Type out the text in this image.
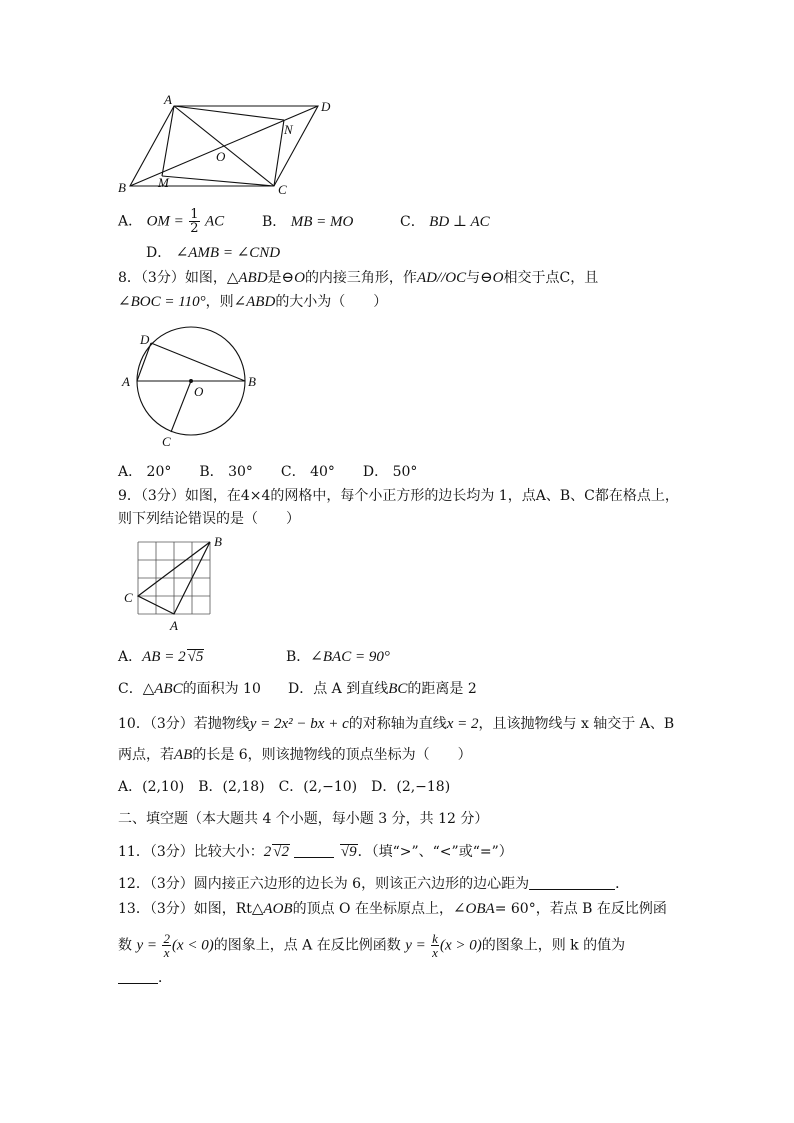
A	D
N
O
B M	C
A． OM = $\frac{1}{2}$ AC	B． MB = MO	C． BD ⊥ AC
D． ∠AMB = ∠CND
8．（3分）如图，△ABD是⊖O的内接三角形，作AD//OC与⊖O相交于点C，且
∠BOC = 110°，则∠ABD的大小为（　　）
D
A
O
B
C
A． 20°　　B． 30°　　C． 40°　　D． 50°
9．（3分）如图，在4×4的网格中，每个小正方形的边长均为 1，点A、B、C都在格点上，
则下列结论错误的是（　　）
B
C
A
A．AB = 2 √5	B．∠BAC = 90°
C．△ABC的面积为 10 D．点 A 到直线BC的距离是 2
10．（3分）若抛物线y = 2x² − bx + c的对称轴为直线x = 2，且该抛物线与 x 轴交于 A、B
两点，若AB的长是 6，则该抛物线的顶点坐标为（　　）
A．(2,10)　B．(2,18)　C．(2,−10)　D．(2,−18)
二、填空题（本大题共 4 个小题，每小题 3 分，共 12 分）
11．（3分）比较大小：2 √2	√9．（填“>”、“<”或“=”）
12．（3分）圆内接正六边形的边长为 6，则该正六边形的边心距为	．
13．（3分）如图，Rt△AOB的顶点 O 在坐标原点上，∠OBA= 60°，若点 B 在反比例函
数 $y = \frac{2}{x} (x < 0)$的图象上，点 A 在反比例函数 $y = \frac{k}{x} (x > 0)$的图象上，则 k 的值为
．
